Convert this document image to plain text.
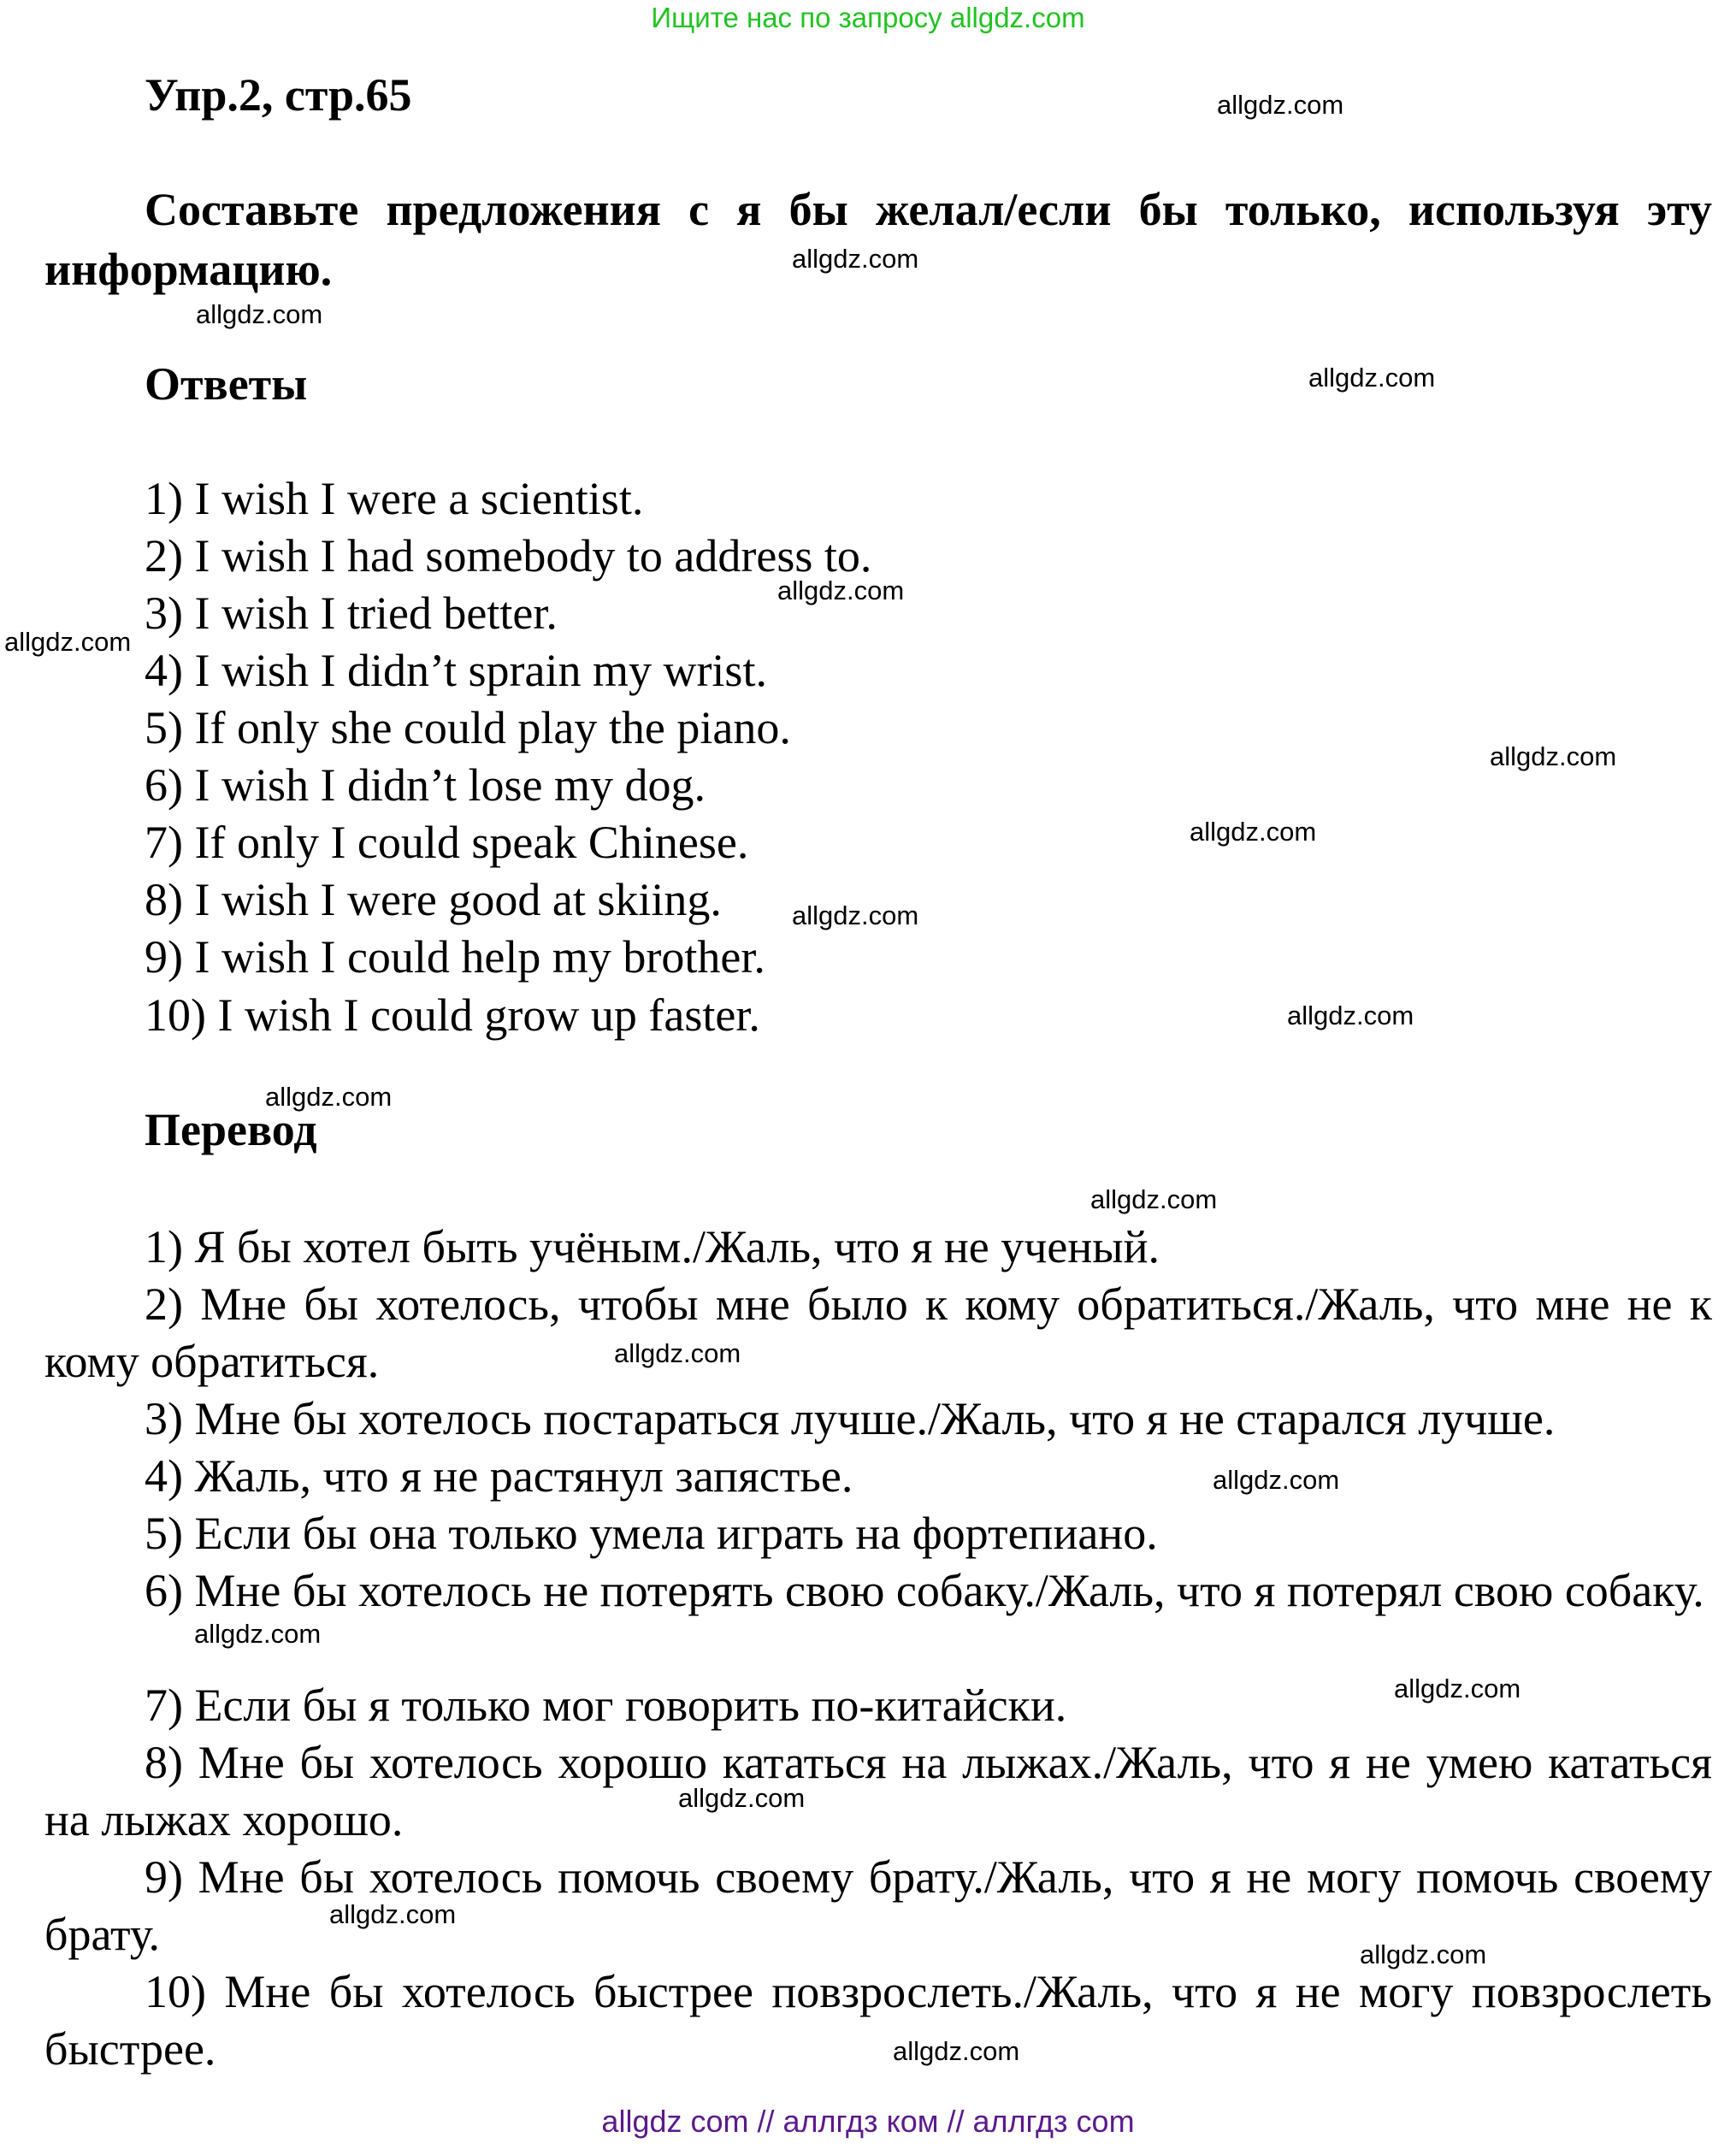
Ищите нас по запросу allgdz.com
Упр.2, стр.65
Составьте предложения с я бы желал/если бы только, используя эту информацию.
Ответы
1) I wish I were a scientist.
2) I wish I had somebody to address to.
3) I wish I tried better.
4) I wish I didn’t sprain my wrist.
5) If only she could play the piano.
6) I wish I didn’t lose my dog.
7) If only I could speak Chinese.
8) I wish I were good at skiing.
9) I wish I could help my brother.
10) I wish I could grow up faster.
Перевод
1) Я бы хотел быть учёным./Жаль, что я не ученый.
2) Мне бы хотелось, чтобы мне было к кому обратиться./Жаль, что мне не к кому обратиться.
3) Мне бы хотелось постараться лучше./Жаль, что я не старался лучше.
4) Жаль, что я не растянул запястье.
5) Если бы она только умела играть на фортепиано.
6) Мне бы хотелось не потерять свою собаку./Жаль, что я потерял свою собаку.
7) Если бы я только мог говорить по-китайски.
8) Мне бы хотелось хорошо кататься на лыжах./Жаль, что я не умею кататься на лыжах хорошо.
9) Мне бы хотелось помочь своему брату./Жаль, что я не могу помочь своему брату.
10) Мне бы хотелось быстрее повзрослеть./Жаль, что я не могу повзрослеть быстрее.
allgdz.com
allgdz.com
allgdz.com
allgdz.com
allgdz.com
allgdz.com
allgdz.com
allgdz.com
allgdz.com
allgdz.com
allgdz.com
allgdz.com
allgdz.com
allgdz.com
allgdz.com
allgdz.com
allgdz.com
allgdz.com
allgdz.com
allgdz.com
allgdz com // аллгдз ком // аллгдз com
